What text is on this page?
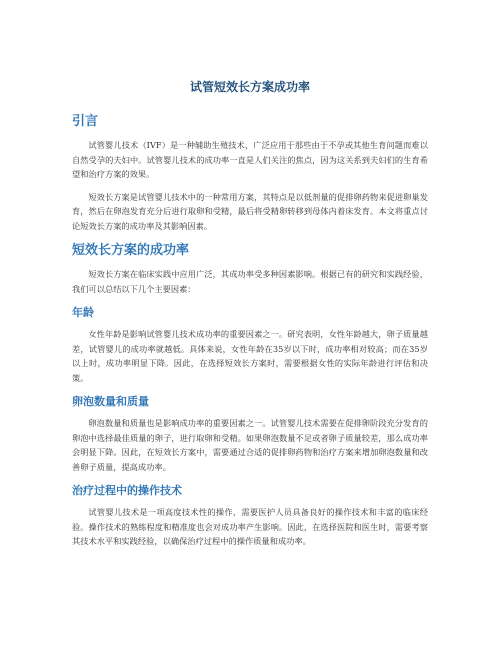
试管短效长方案成功率
引言

试管婴儿技术（IVF）是一种辅助生殖技术，广泛应用于那些由于不孕或其他生育问题而难以自然受孕的夫妇中。试管婴儿技术的成功率一直是人们关注的焦点，因为这关系到夫妇们的生育希望和治疗方案的效果。

短效长方案是试管婴儿技术中的一种常用方案，其特点是以低剂量的促排卵药物来促进卵巢发育，然后在卵泡发育充分后进行取卵和受精，最后将受精卵转移到母体内着床发育。本文将重点讨论短效长方案的成功率及其影响因素。

短效长方案的成功率

短效长方案在临床实践中应用广泛，其成功率受多种因素影响。根据已有的研究和实践经验，我们可以总结以下几个主要因素：

年龄

女性年龄是影响试管婴儿技术成功率的重要因素之一。研究表明，女性年龄越大，卵子质量越差，试管婴儿的成功率就越低。具体来说，女性年龄在35岁以下时，成功率相对较高；而在35岁以上时，成功率明显下降。因此，在选择短效长方案时，需要根据女性的实际年龄进行评估和决策。

卵泡数量和质量

卵泡数量和质量也是影响成功率的重要因素之一。试管婴儿技术需要在促排卵阶段充分发育的卵泡中选择最佳质量的卵子，进行取卵和受精。如果卵泡数量不足或者卵子质量较差，那么成功率会明显下降。因此，在短效长方案中，需要通过合适的促排卵药物和治疗方案来增加卵泡数量和改善卵子质量，提高成功率。

治疗过程中的操作技术

试管婴儿技术是一项高度技术性的操作，需要医护人员具备良好的操作技术和丰富的临床经验。操作技术的熟练程度和精准度也会对成功率产生影响。因此，在选择医院和医生时，需要考察其技术水平和实践经验，以确保治疗过程中的操作质量和成功率。
